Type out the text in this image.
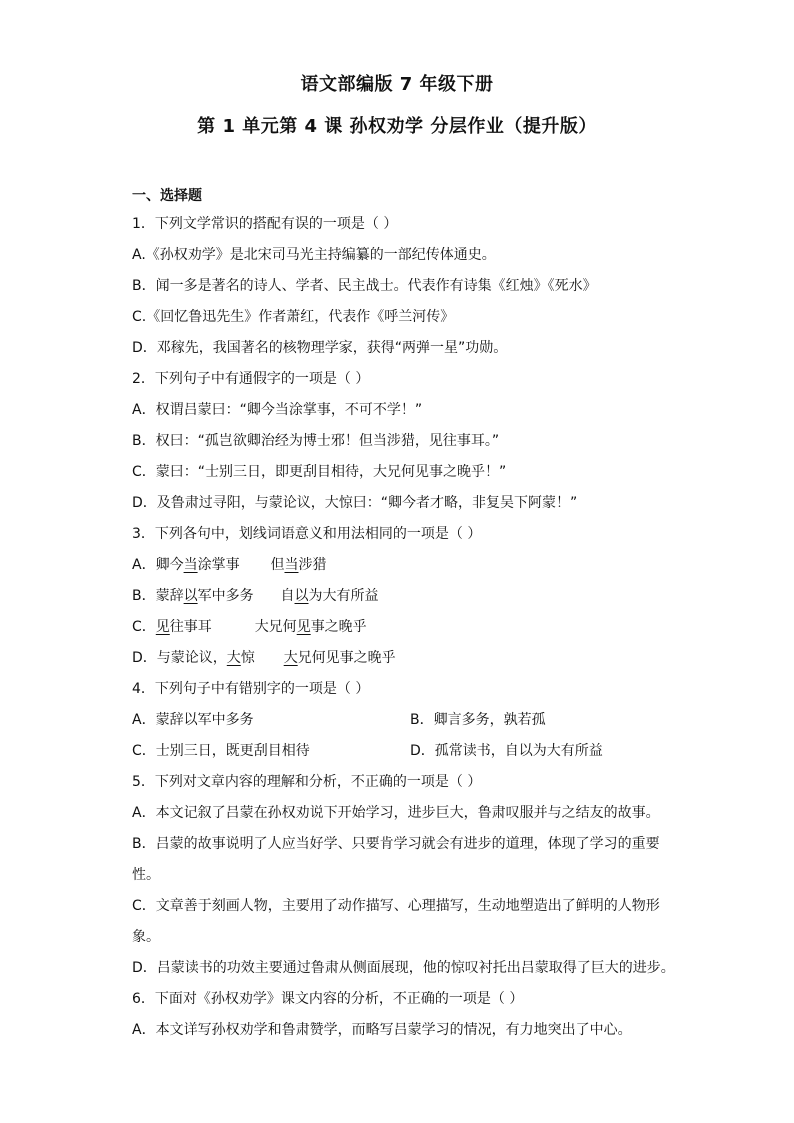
语文部编版 7 年级下册
第 1 单元第 4 课 孙权劝学 分层作业（提升版）
一、选择题
1．下列文学常识的搭配有误的一项是（ ）
A.《孙权劝学》是北宋司马光主持编纂的一部纪传体通史。
B．闻一多是著名的诗人、学者、民主战士。代表作有诗集《红烛》《死水》
C.《回忆鲁迅先生》作者萧红，代表作《呼兰河传》
D．邓稼先，我国著名的核物理学家，获得“两弹一星”功勋。
2．下列句子中有通假字的一项是（ ）
A．权谓吕蒙曰：“卿今当涂掌事，不可不学！”
B．权曰：“孤岂欲卿治经为博士邪！但当涉猎，见往事耳。”
C．蒙曰：“士别三日，即更刮目相待，大兄何见事之晚乎！”
D．及鲁肃过寻阳，与蒙论议，大惊曰：“卿今者才略，非复吴下阿蒙！”
3．下列各句中，划线词语意义和用法相同的一项是（ ）
A．卿今当涂掌事 但当涉猎
B．蒙辞以军中多务 自以为大有所益
C．见往事耳	大兄何见事之晚乎
D．与蒙论议，大惊 大兄何见事之晚乎
4．下列句子中有错别字的一项是（ ）
A．蒙辞以军中多务	B．卿言多务，孰若孤
C．士别三日，既更刮目相待	D．孤常读书，自以为大有所益
5．下列对文章内容的理解和分析，不正确的一项是（ ）
A．本文记叙了吕蒙在孙权劝说下开始学习，进步巨大，鲁肃叹服并与之结友的故事。
B．吕蒙的故事说明了人应当好学、只要肯学习就会有进步的道理，体现了学习的重要
性。
C．文章善于刻画人物，主要用了动作描写、心理描写，生动地塑造出了鲜明的人物形
象。
D．吕蒙读书的功效主要通过鲁肃从侧面展现，他的惊叹衬托出吕蒙取得了巨大的进步。
6．下面对《孙权劝学》课文内容的分析，不正确的一项是（ ）
A．本文详写孙权劝学和鲁肃赞学，而略写吕蒙学习的情况，有力地突出了中心。
